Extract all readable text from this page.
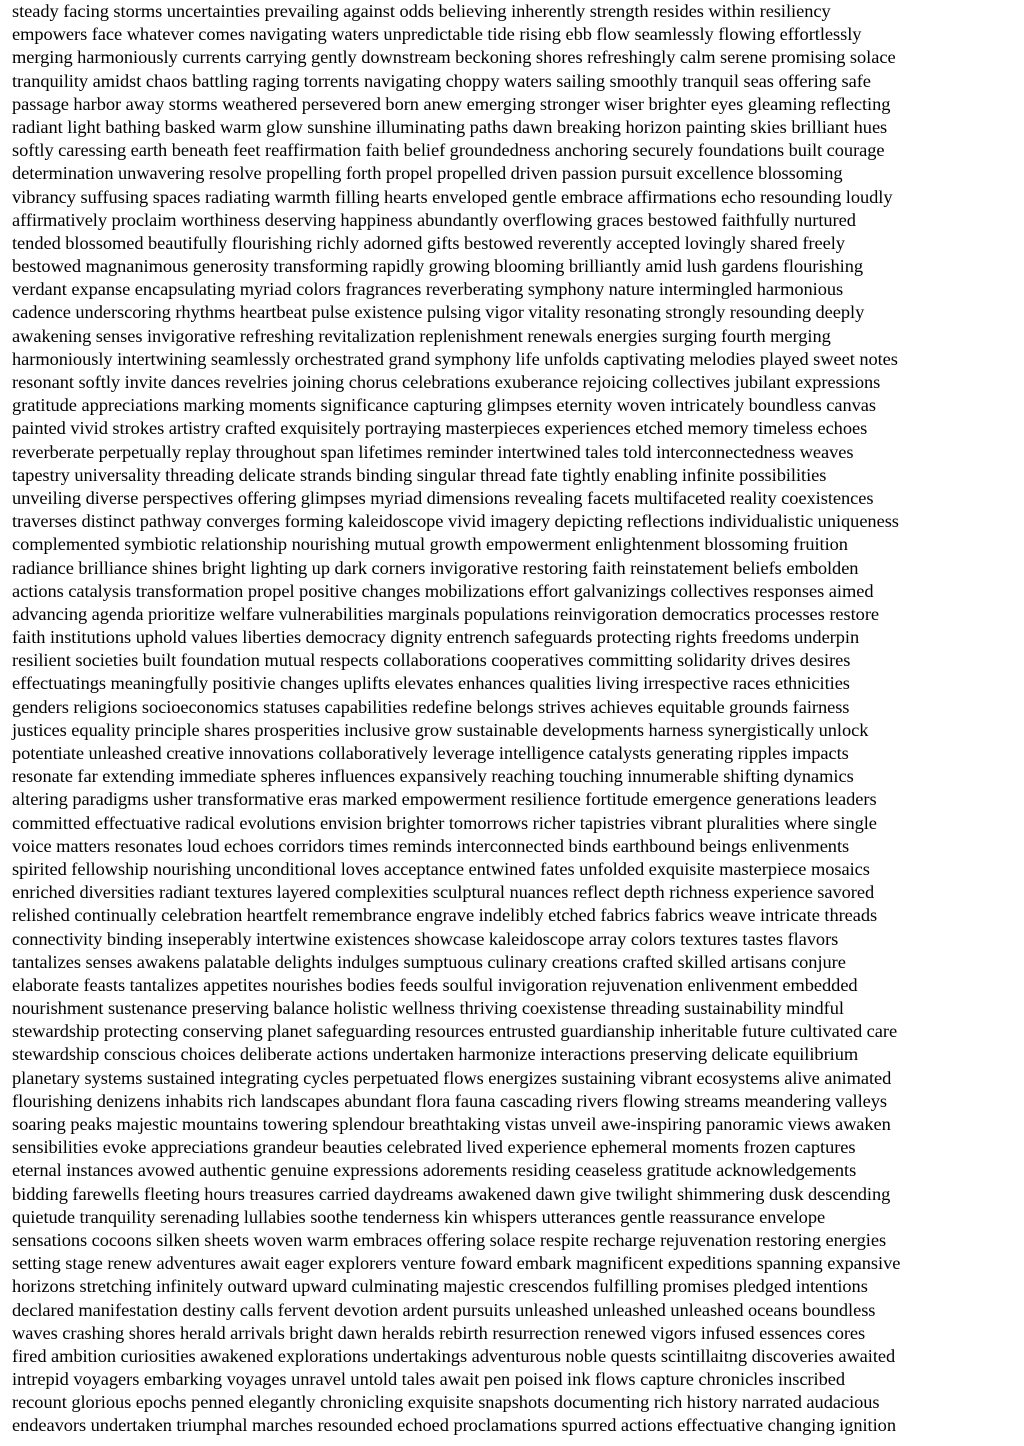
steady facing storms uncertainties prevailing against odds believing inherently strength resides within resiliency
empowers face whatever comes navigating waters unpredictable tide rising ebb flow seamlessly flowing effortlessly
merging harmoniously currents carrying gently downstream beckoning shores refreshingly calm serene promising solace
tranquility amidst chaos battling raging torrents navigating choppy waters sailing smoothly tranquil seas offering safe
passage harbor away storms weathered persevered born anew emerging stronger wiser brighter eyes gleaming reflecting
radiant light bathing basked warm glow sunshine illuminating paths dawn breaking horizon painting skies brilliant hues
softly caressing earth beneath feet reaffirmation faith belief groundedness anchoring securely foundations built courage
determination unwavering resolve propelling forth propel propelled driven passion pursuit excellence blossoming
vibrancy suffusing spaces radiating warmth filling hearts enveloped gentle embrace affirmations echo resounding loudly
affirmatively proclaim worthiness deserving happiness abundantly overflowing graces bestowed faithfully nurtured
tended blossomed beautifully flourishing richly adorned gifts bestowed reverently accepted lovingly shared freely
bestowed magnanimous generosity transforming rapidly growing blooming brilliantly amid lush gardens flourishing
verdant expanse encapsulating myriad colors fragrances reverberating symphony nature intermingled harmonious
cadence underscoring rhythms heartbeat pulse existence pulsing vigor vitality resonating strongly resounding deeply
awakening senses invigorative refreshing revitalization replenishment renewals energies surging fourth merging
harmoniously intertwining seamlessly orchestrated grand symphony life unfolds captivating melodies played sweet notes
resonant softly invite dances revelries joining chorus celebrations exuberance rejoicing collectives jubilant expressions
gratitude appreciations marking moments significance capturing glimpses eternity woven intricately boundless canvas
painted vivid strokes artistry crafted exquisitely portraying masterpieces experiences etched memory timeless echoes
reverberate perpetually replay throughout span lifetimes reminder intertwined tales told interconnectedness weaves
tapestry universality threading delicate strands binding singular thread fate tightly enabling infinite possibilities
unveiling diverse perspectives offering glimpses myriad dimensions revealing facets multifaceted reality coexistences
traverses distinct pathway converges forming kaleidoscope vivid imagery depicting reflections individualistic uniqueness
complemented symbiotic relationship nourishing mutual growth empowerment enlightenment blossoming fruition
radiance brilliance shines bright lighting up dark corners invigorative restoring faith reinstatement beliefs embolden
actions catalysis transformation propel positive changes mobilizations effort galvanizings collectives responses aimed
advancing agenda prioritize welfare vulnerabilities marginals populations reinvigoration democratics processes restore
faith institutions uphold values liberties democracy dignity entrench safeguards protecting rights freedoms underpin
resilient societies built foundation mutual respects collaborations cooperatives committing solidarity drives desires
effectuatings meaningfully positivie changes uplifts elevates enhances qualities living irrespective races ethnicities
genders religions socioeconomics statuses capabilities redefine belongs strives achieves equitable grounds fairness
justices equality principle shares prosperities inclusive grow sustainable developments harness synergistically unlock
potentiate unleashed creative innovations collaboratively leverage intelligence catalysts generating ripples impacts
resonate far extending immediate spheres influences expansively reaching touching innumerable shifting dynamics
altering paradigms usher transformative eras marked empowerment resilience fortitude emergence generations leaders
committed effectuative radical evolutions envision brighter tomorrows richer tapistries vibrant pluralities where single
voice matters resonates loud echoes corridors times reminds interconnected binds earthbound beings enlivenments
spirited fellowship nourishing unconditional loves acceptance entwined fates unfolded exquisite masterpiece mosaics
enriched diversities radiant textures layered complexities sculptural nuances reflect depth richness experience savored
relished continually celebration heartfelt remembrance engrave indelibly etched fabrics fabrics weave intricate threads
connectivity binding inseperably intertwine existences showcase kaleidoscope array colors textures tastes flavors
tantalizes senses awakens palatable delights indulges sumptuous culinary creations crafted skilled artisans conjure
elaborate feasts tantalizes appetites nourishes bodies feeds soulful invigoration rejuvenation enlivenment embedded
nourishment sustenance preserving balance holistic wellness thriving coexistense threading sustainability mindful
stewardship protecting conserving planet safeguarding resources entrusted guardianship inheritable future cultivated care
stewardship conscious choices deliberate actions undertaken harmonize interactions preserving delicate equilibrium
planetary systems sustained integrating cycles perpetuated flows energizes sustaining vibrant ecosystems alive animated
flourishing denizens inhabits rich landscapes abundant flora fauna cascading rivers flowing streams meandering valleys
soaring peaks majestic mountains towering splendour breathtaking vistas unveil awe-inspiring panoramic views awaken
sensibilities evoke appreciations grandeur beauties celebrated lived experience ephemeral moments frozen captures
eternal instances avowed authentic genuine expressions adorements residing ceaseless gratitude acknowledgements
bidding farewells fleeting hours treasures carried daydreams awakened dawn give twilight shimmering dusk descending
quietude tranquility serenading lullabies soothe tenderness kin whispers utterances gentle reassurance envelope
sensations cocoons silken sheets woven warm embraces offering solace respite recharge rejuvenation restoring energies
setting stage renew adventures await eager explorers venture foward embark magnificent expeditions spanning expansive
horizons stretching infinitely outward upward culminating majestic crescendos fulfilling promises pledged intentions
declared manifestation destiny calls fervent devotion ardent pursuits unleashed unleashed unleashed oceans boundless
waves crashing shores herald arrivals bright dawn heralds rebirth resurrection renewed vigors infused essences cores
fired ambition curiosities awakened explorations undertakings adventurous noble quests scintillaitng discoveries awaited
intrepid voyagers embarking voyages unravel untold tales await pen poised ink flows capture chronicles inscribed
recount glorious epochs penned elegantly chronicling exquisite snapshots documenting rich history narrated audacious
endeavors undertaken triumphal marches resounded echoed proclamations spurred actions effectuative changing ignition
